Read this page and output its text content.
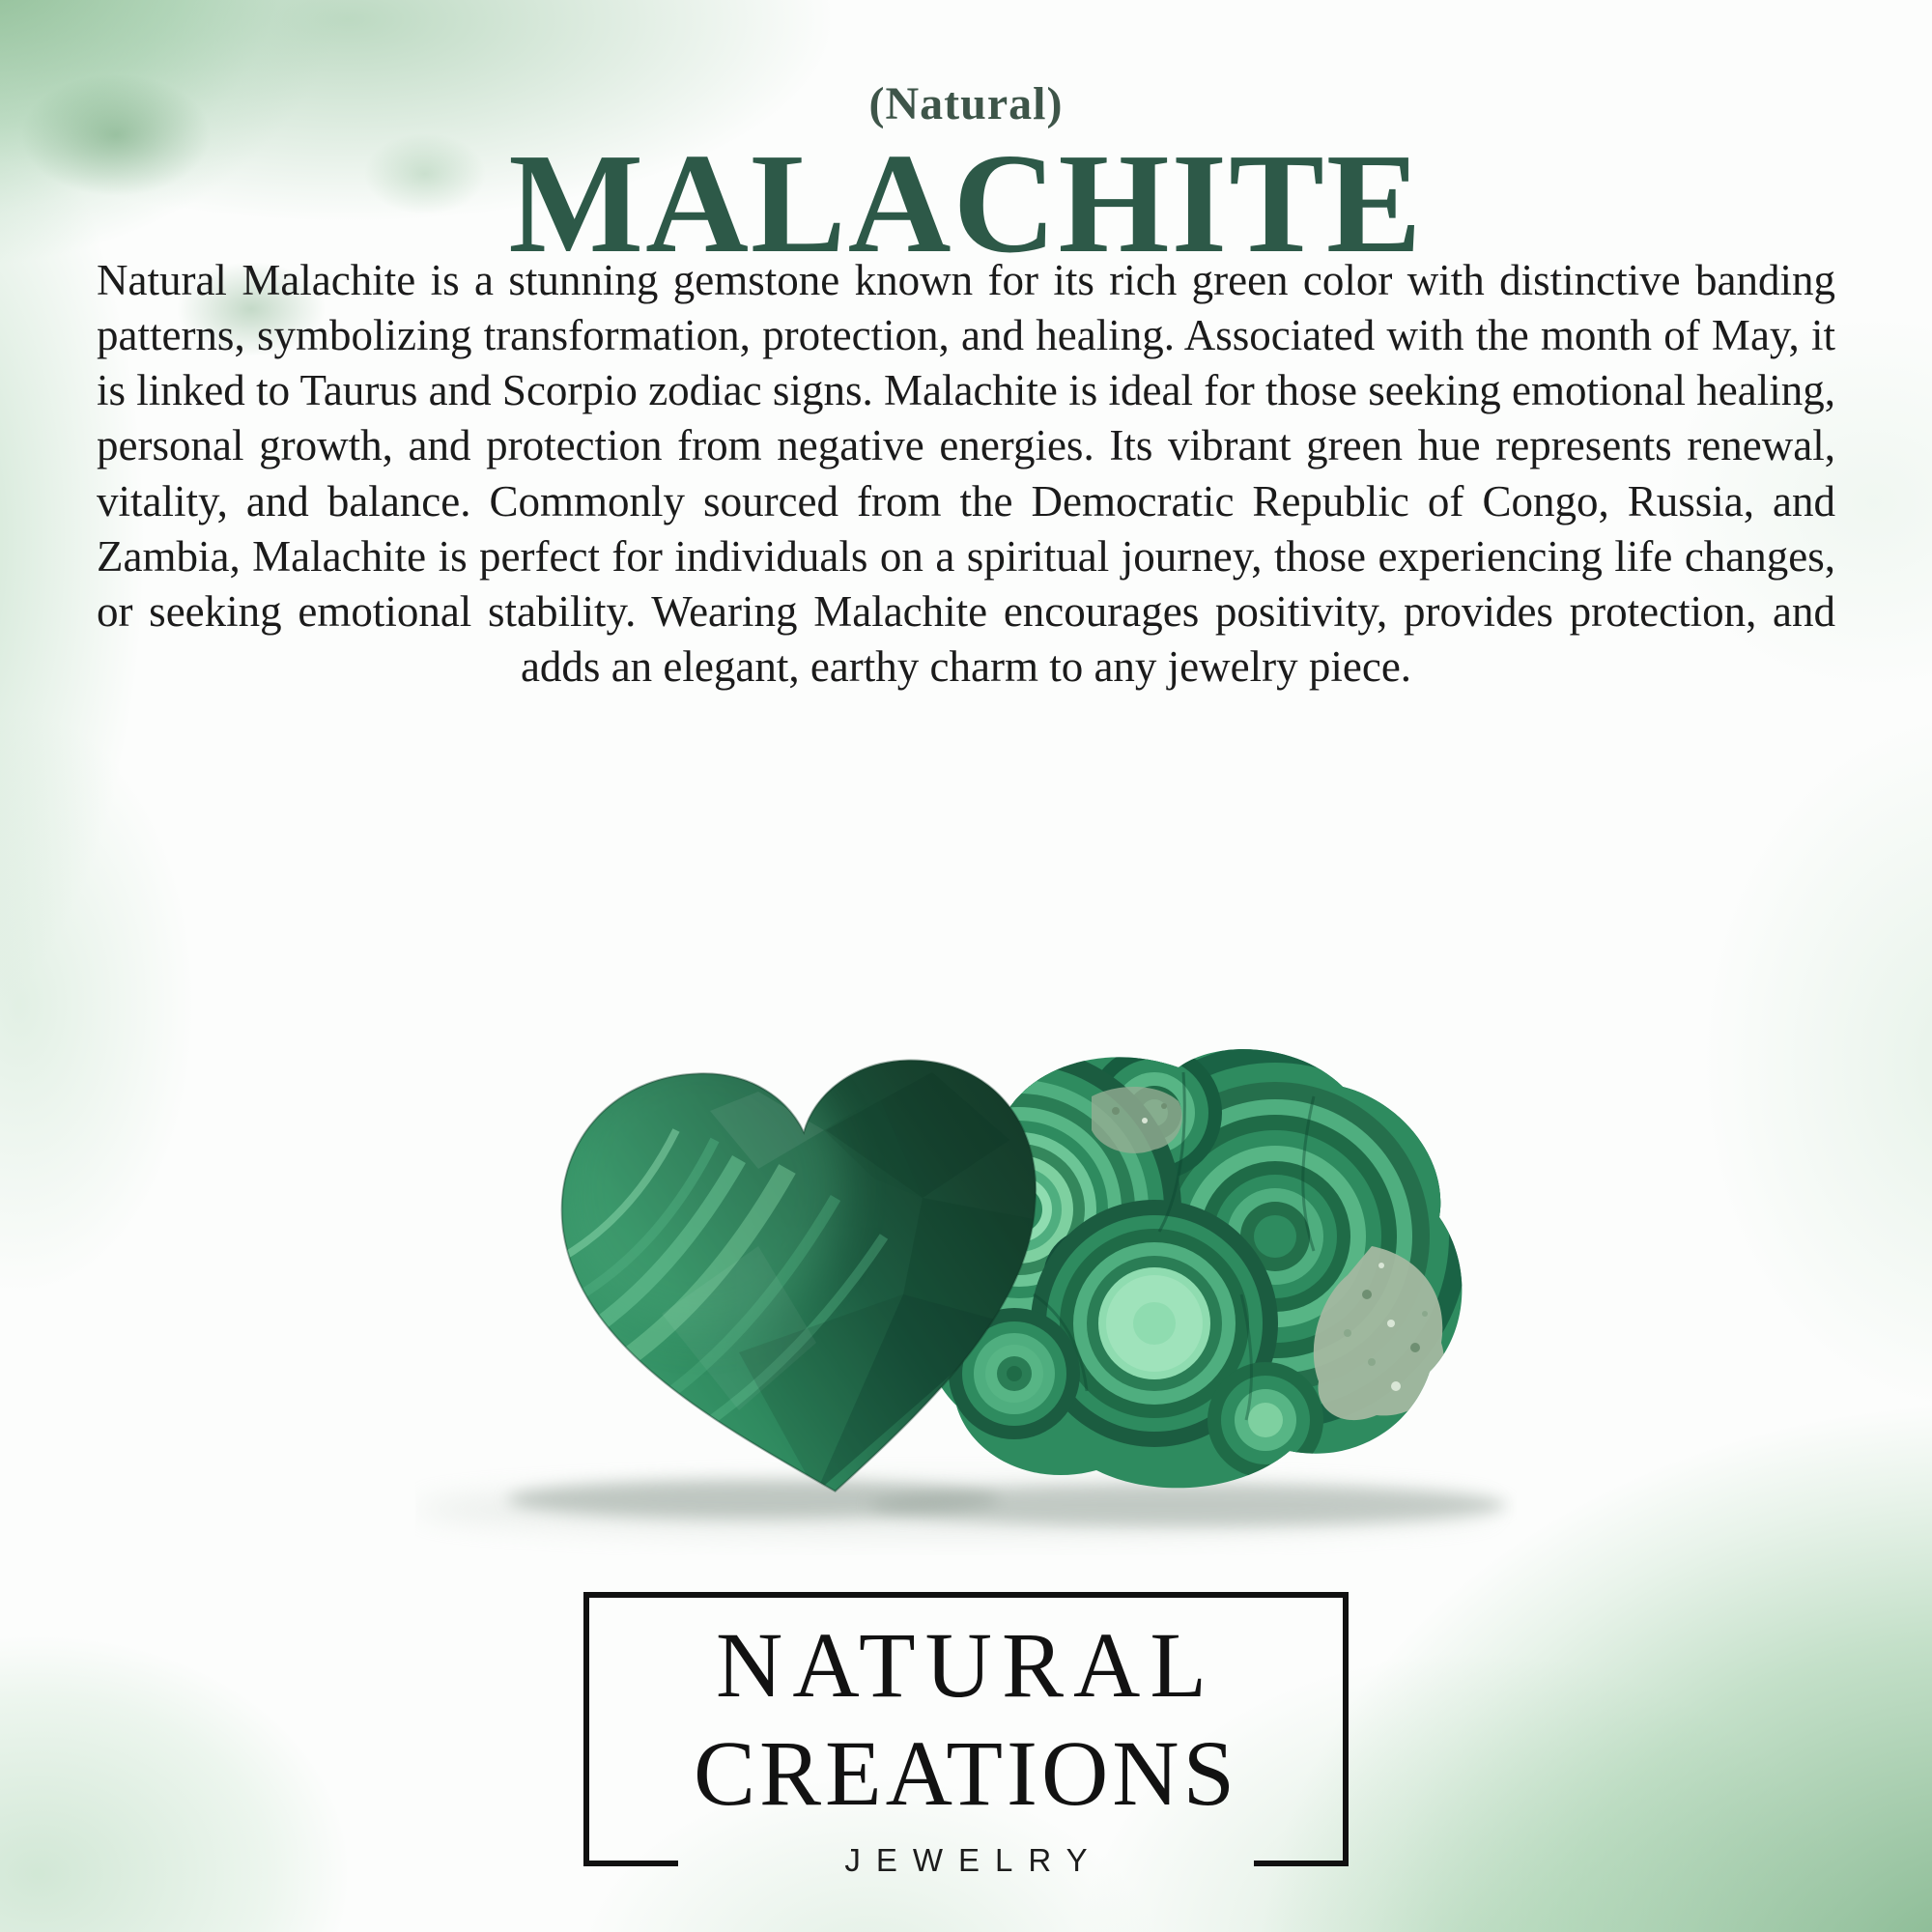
(Natural)
MALACHITE

Natural Malachite is a stunning gemstone known for its rich green color with distinctive banding patterns, symbolizing transformation, protection, and healing. Associated with the month of May, it is linked to Taurus and Scorpio zodiac signs. Malachite is ideal for those seeking emotional healing, personal growth, and protection from negative energies. Its vibrant green hue represents renewal, vitality, and balance. Commonly sourced from the Democratic Republic of Congo, Russia, and Zambia, Malachite is perfect for individuals on a spiritual journey, those experiencing life changes, or seeking emotional stability. Wearing Malachite encourages positivity, provides protection, and adds an elegant, earthy charm to any jewelry piece.

NATURAL
CREATIONS
JEWELRY
